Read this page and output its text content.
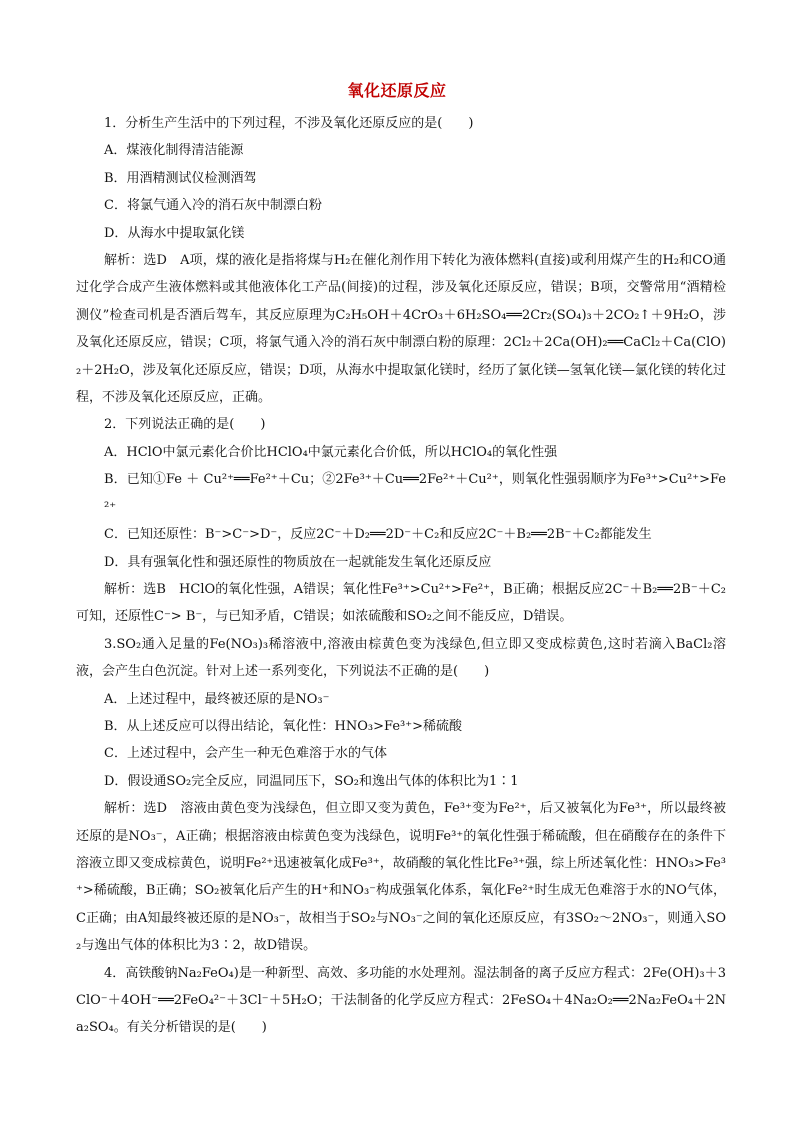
氧化还原反应

1．分析生产生活中的下列过程，不涉及氧化还原反应的是(　　)

A．煤液化制得清洁能源

B．用酒精测试仪检测酒驾

C．将氯气通入冷的消石灰中制漂白粉

D．从海水中提取氯化镁

解析：选D　A项，煤的液化是指将煤与H₂在催化剂作用下转化为液体燃料(直接)或利用煤产生的H₂和CO通过化学合成产生液体燃料或其他液体化工产品(间接)的过程，涉及氧化还原反应，错误；B项，交警常用“酒精检测仪”检查司机是否酒后驾车，其反应原理为C₂H₅OH＋4CrO₃＋6H₂SO₄══2Cr₂(SO₄)₃＋2CO₂↑＋9H₂O，涉及氧化还原反应，错误；C项，将氯气通入冷的消石灰中制漂白粉的原理：2Cl₂＋2Ca(OH)₂══CaCl₂＋Ca(ClO)₂＋2H₂O，涉及氧化还原反应，错误；D项，从海水中提取氯化镁时，经历了氯化镁—氢氧化镁—氯化镁的转化过程，不涉及氧化还原反应，正确。

2．下列说法正确的是(　　)

A．HClO中氯元素化合价比HClO₄中氯元素化合价低，所以HClO₄的氧化性强

B．已知①Fe ＋ Cu²⁺══Fe²⁺＋Cu；②2Fe³⁺＋Cu══2Fe²⁺＋Cu²⁺，则氧化性强弱顺序为Fe³⁺>Cu²⁺>Fe²⁺

C．已知还原性：B⁻>C⁻>D⁻，反应2C⁻＋D₂══2D⁻＋C₂和反应2C⁻＋B₂══2B⁻＋C₂都能发生

D．具有强氧化性和强还原性的物质放在一起就能发生氧化还原反应

解析：选B　HClO的氧化性强，A错误；氧化性Fe³⁺>Cu²⁺>Fe²⁺，B正确；根据反应2C⁻＋B₂══2B⁻＋C₂可知，还原性C⁻> B⁻，与已知矛盾，C错误；如浓硫酸和SO₂之间不能反应，D错误。

3.SO₂通入足量的Fe(NO₃)₃稀溶液中,溶液由棕黄色变为浅绿色,但立即又变成棕黄色,这时若滴入BaCl₂溶液，会产生白色沉淀。针对上述一系列变化，下列说法不正确的是(　　)

A．上述过程中，最终被还原的是NO₃⁻

B．从上述反应可以得出结论，氧化性：HNO₃>Fe³⁺>稀硫酸

C．上述过程中，会产生一种无色难溶于水的气体

D．假设通SO₂完全反应，同温同压下，SO₂和逸出气体的体积比为1∶1

解析：选D　溶液由黄色变为浅绿色，但立即又变为黄色，Fe³⁺变为Fe²⁺，后又被氧化为Fe³⁺，所以最终被还原的是NO₃⁻，A正确；根据溶液由棕黄色变为浅绿色，说明Fe³⁺的氧化性强于稀硫酸，但在硝酸存在的条件下溶液立即又变成棕黄色，说明Fe²⁺迅速被氧化成Fe³⁺，故硝酸的氧化性比Fe³⁺强，综上所述氧化性：HNO₃>Fe³⁺>稀硫酸，B正确；SO₂被氧化后产生的H⁺和NO₃⁻构成强氧化体系，氧化Fe²⁺时生成无色难溶于水的NO气体，C正确；由A知最终被还原的是NO₃⁻，故相当于SO₂与NO₃⁻之间的氧化还原反应，有3SO₂～2NO₃⁻，则通入SO₂与逸出气体的体积比为3∶2，故D错误。

4．高铁酸钠Na₂FeO₄)是一种新型、高效、多功能的水处理剂。湿法制备的离子反应方程式：2Fe(OH)₃＋3ClO⁻＋4OH⁻══2FeO₄²⁻＋3Cl⁻＋5H₂O；干法制备的化学反应方程式：2FeSO₄＋4Na₂O₂══2Na₂FeO₄＋2Na₂SO₄。有关分析错误的是(　　)
